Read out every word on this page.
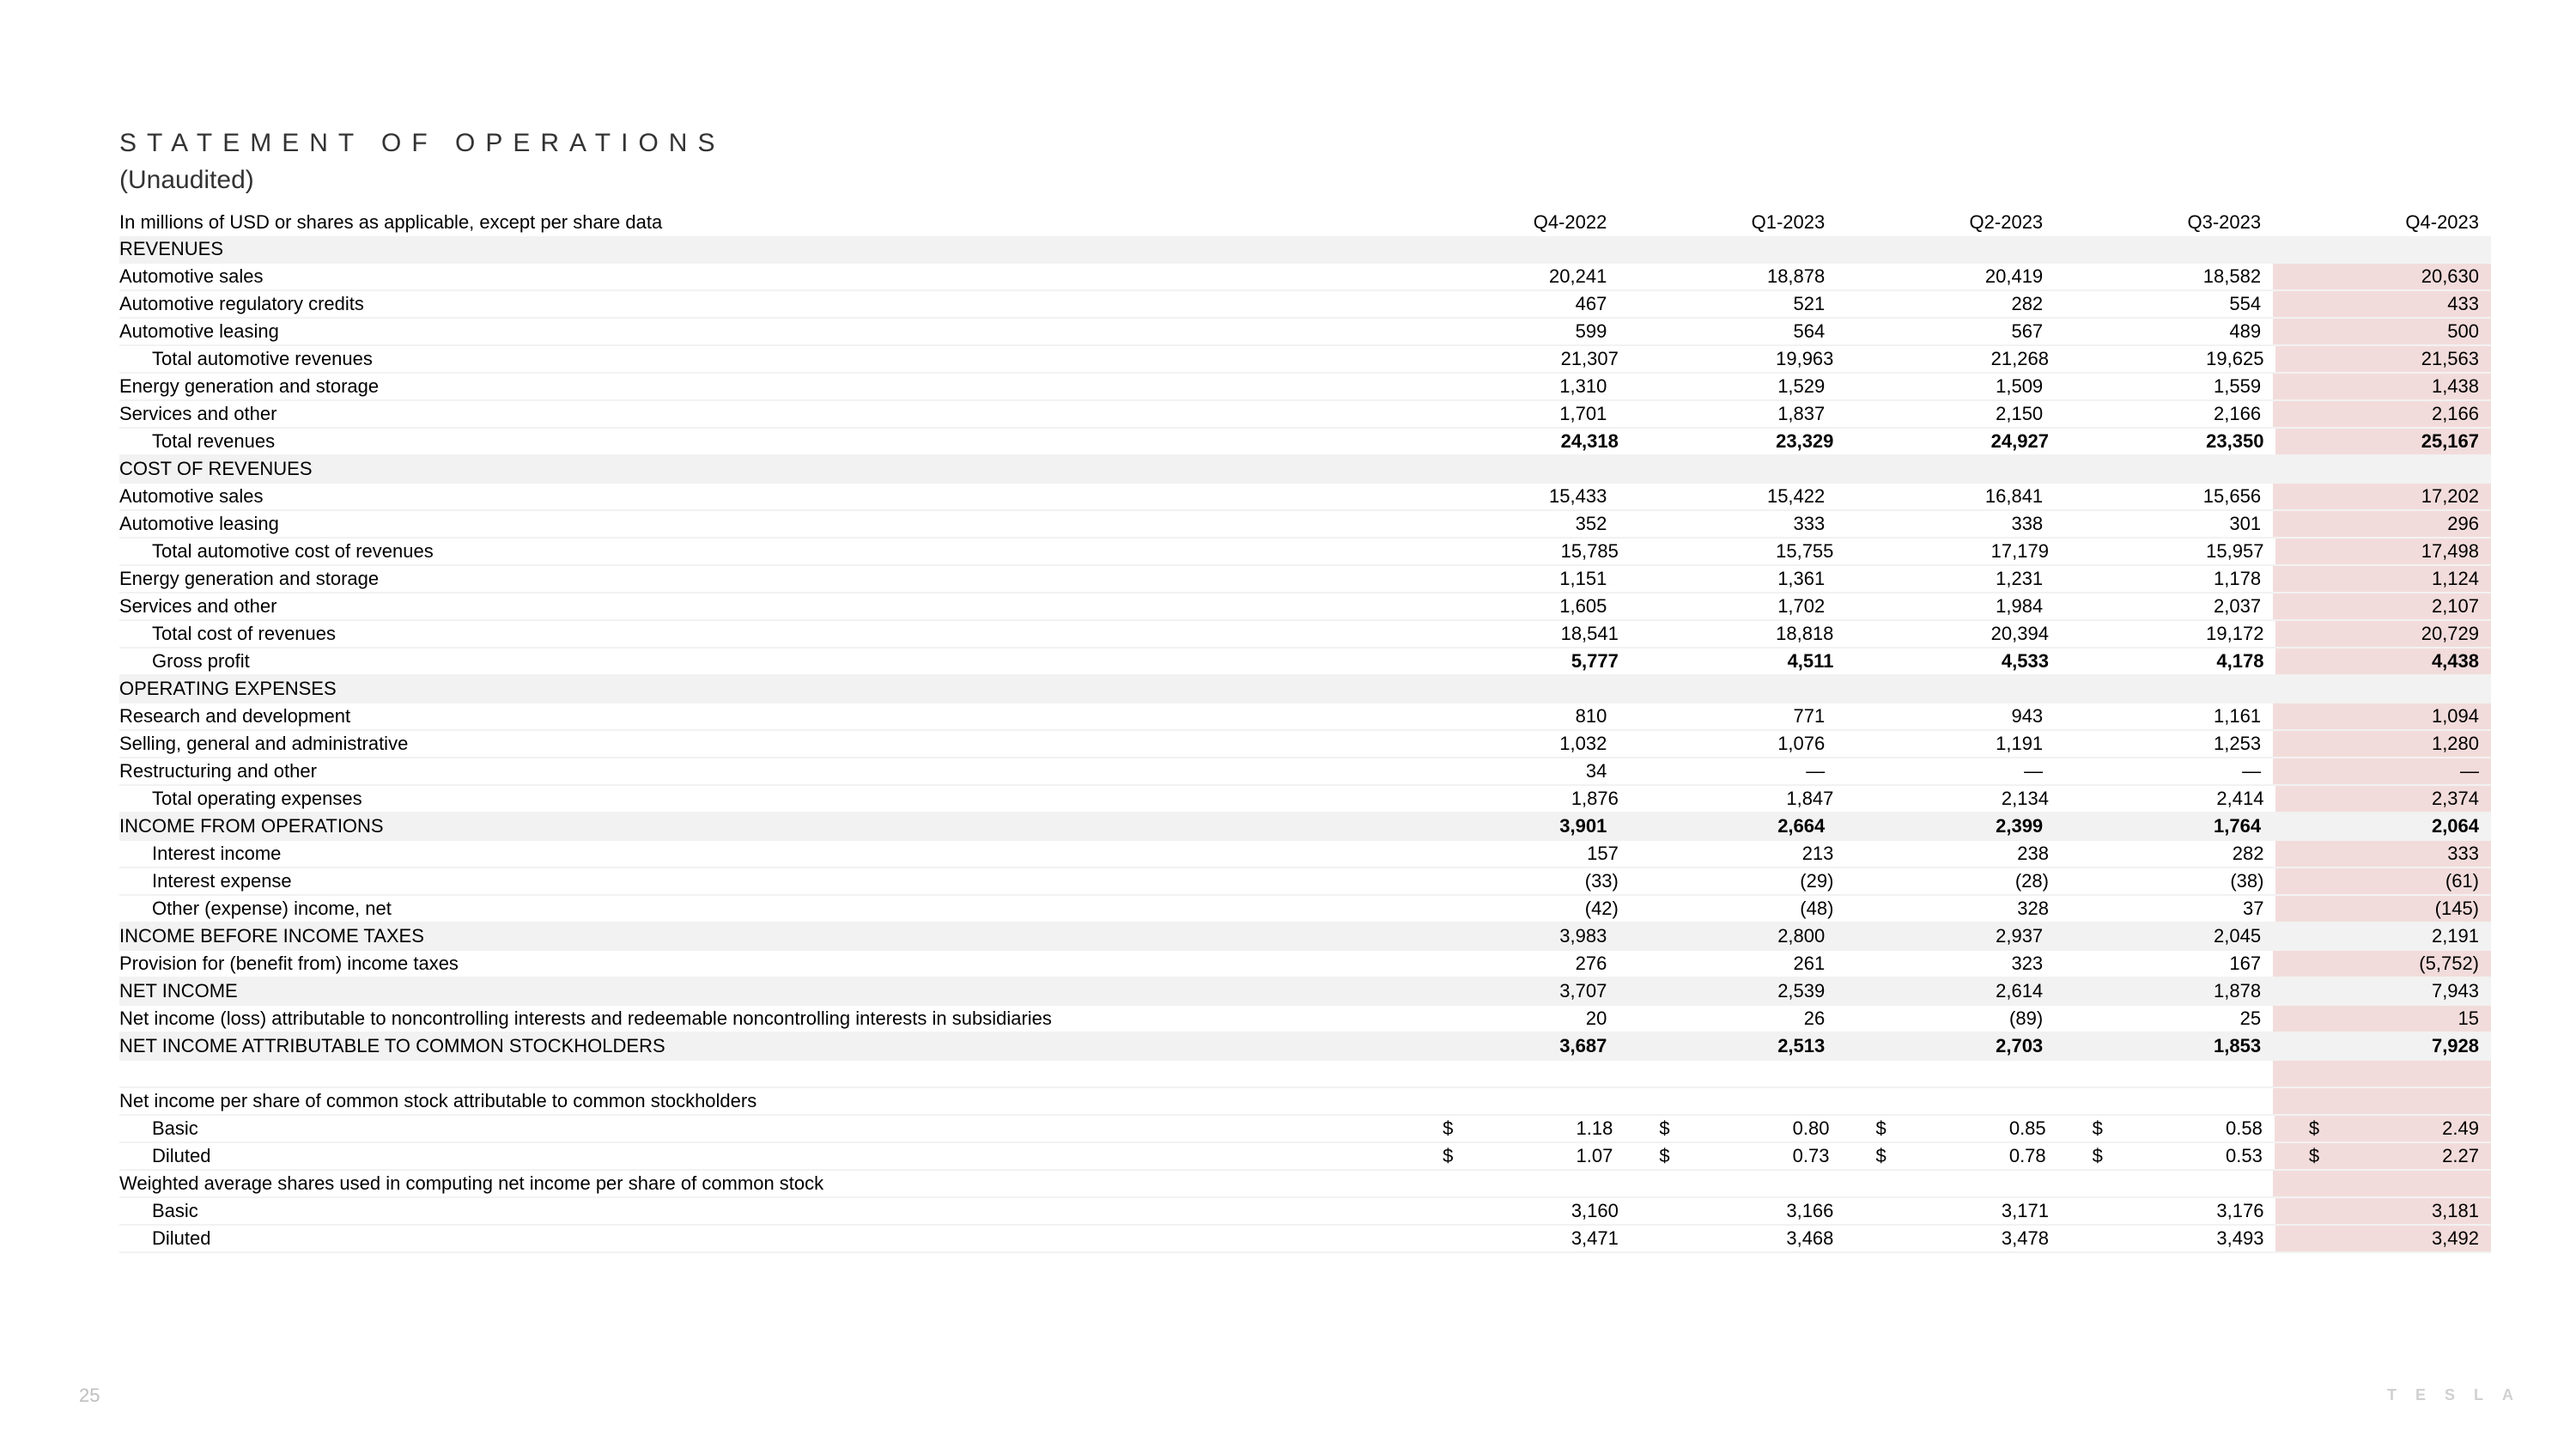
STATEMENT OF OPERATIONS
(Unaudited)
In millions of USD or shares as applicable, except per share data	Q4-2022	Q1-2023	Q2-2023	Q3-2023	Q4-2023
REVENUES
Automotive sales	20,241	18,878	20,419	18,582	20,630
Automotive regulatory credits	467	521	282	554	433
Automotive leasing	599	564	567	489	500
Total automotive revenues	21,307	19,963	21,268	19,625	21,563
Energy generation and storage	1,310	1,529	1,509	1,559	1,438
Services and other	1,701	1,837	2,150	2,166	2,166
Total revenues	24,318	23,329	24,927	23,350	25,167
COST OF REVENUES
Automotive sales	15,433	15,422	16,841	15,656	17,202
Automotive leasing	352	333	338	301	296
Total automotive cost of revenues	15,785	15,755	17,179	15,957	17,498
Energy generation and storage	1,151	1,361	1,231	1,178	1,124
Services and other	1,605	1,702	1,984	2,037	2,107
Total cost of revenues	18,541	18,818	20,394	19,172	20,729
Gross profit	5,777	4,511	4,533	4,178	4,438
OPERATING EXPENSES
Research and development	810	771	943	1,161	1,094
Selling, general and administrative	1,032	1,076	1,191	1,253	1,280
Restructuring and other	34	—	—	—	—
Total operating expenses	1,876	1,847	2,134	2,414	2,374
INCOME FROM OPERATIONS	3,901	2,664	2,399	1,764	2,064
Interest income	157	213	238	282	333
Interest expense	(33)	(29)	(28)	(38)	(61)
Other (expense) income, net	(42)	(48)	328	37	(145)
INCOME BEFORE INCOME TAXES	3,983	2,800	2,937	2,045	2,191
Provision for (benefit from) income taxes	276	261	323	167	(5,752)
NET INCOME	3,707	2,539	2,614	1,878	7,943
Net income (loss) attributable to noncontrolling interests and redeemable noncontrolling interests in subsidiaries	20	26	(89)	25	15
NET INCOME ATTRIBUTABLE TO COMMON STOCKHOLDERS	3,687	2,513	2,703	1,853	7,928
Net income per share of common stock attributable to common stockholders
Basic	$	1.18 $	0.80 $	0.85 $	0.58 $	2.49
Diluted	$	1.07 $	0.73 $	0.78 $	0.53 $	2.27
Weighted average shares used in computing net income per share of common stock
Basic	3,160	3,166	3,171	3,176	3,181
Diluted	3,471	3,468	3,478	3,493	3,492
25	TESLA
